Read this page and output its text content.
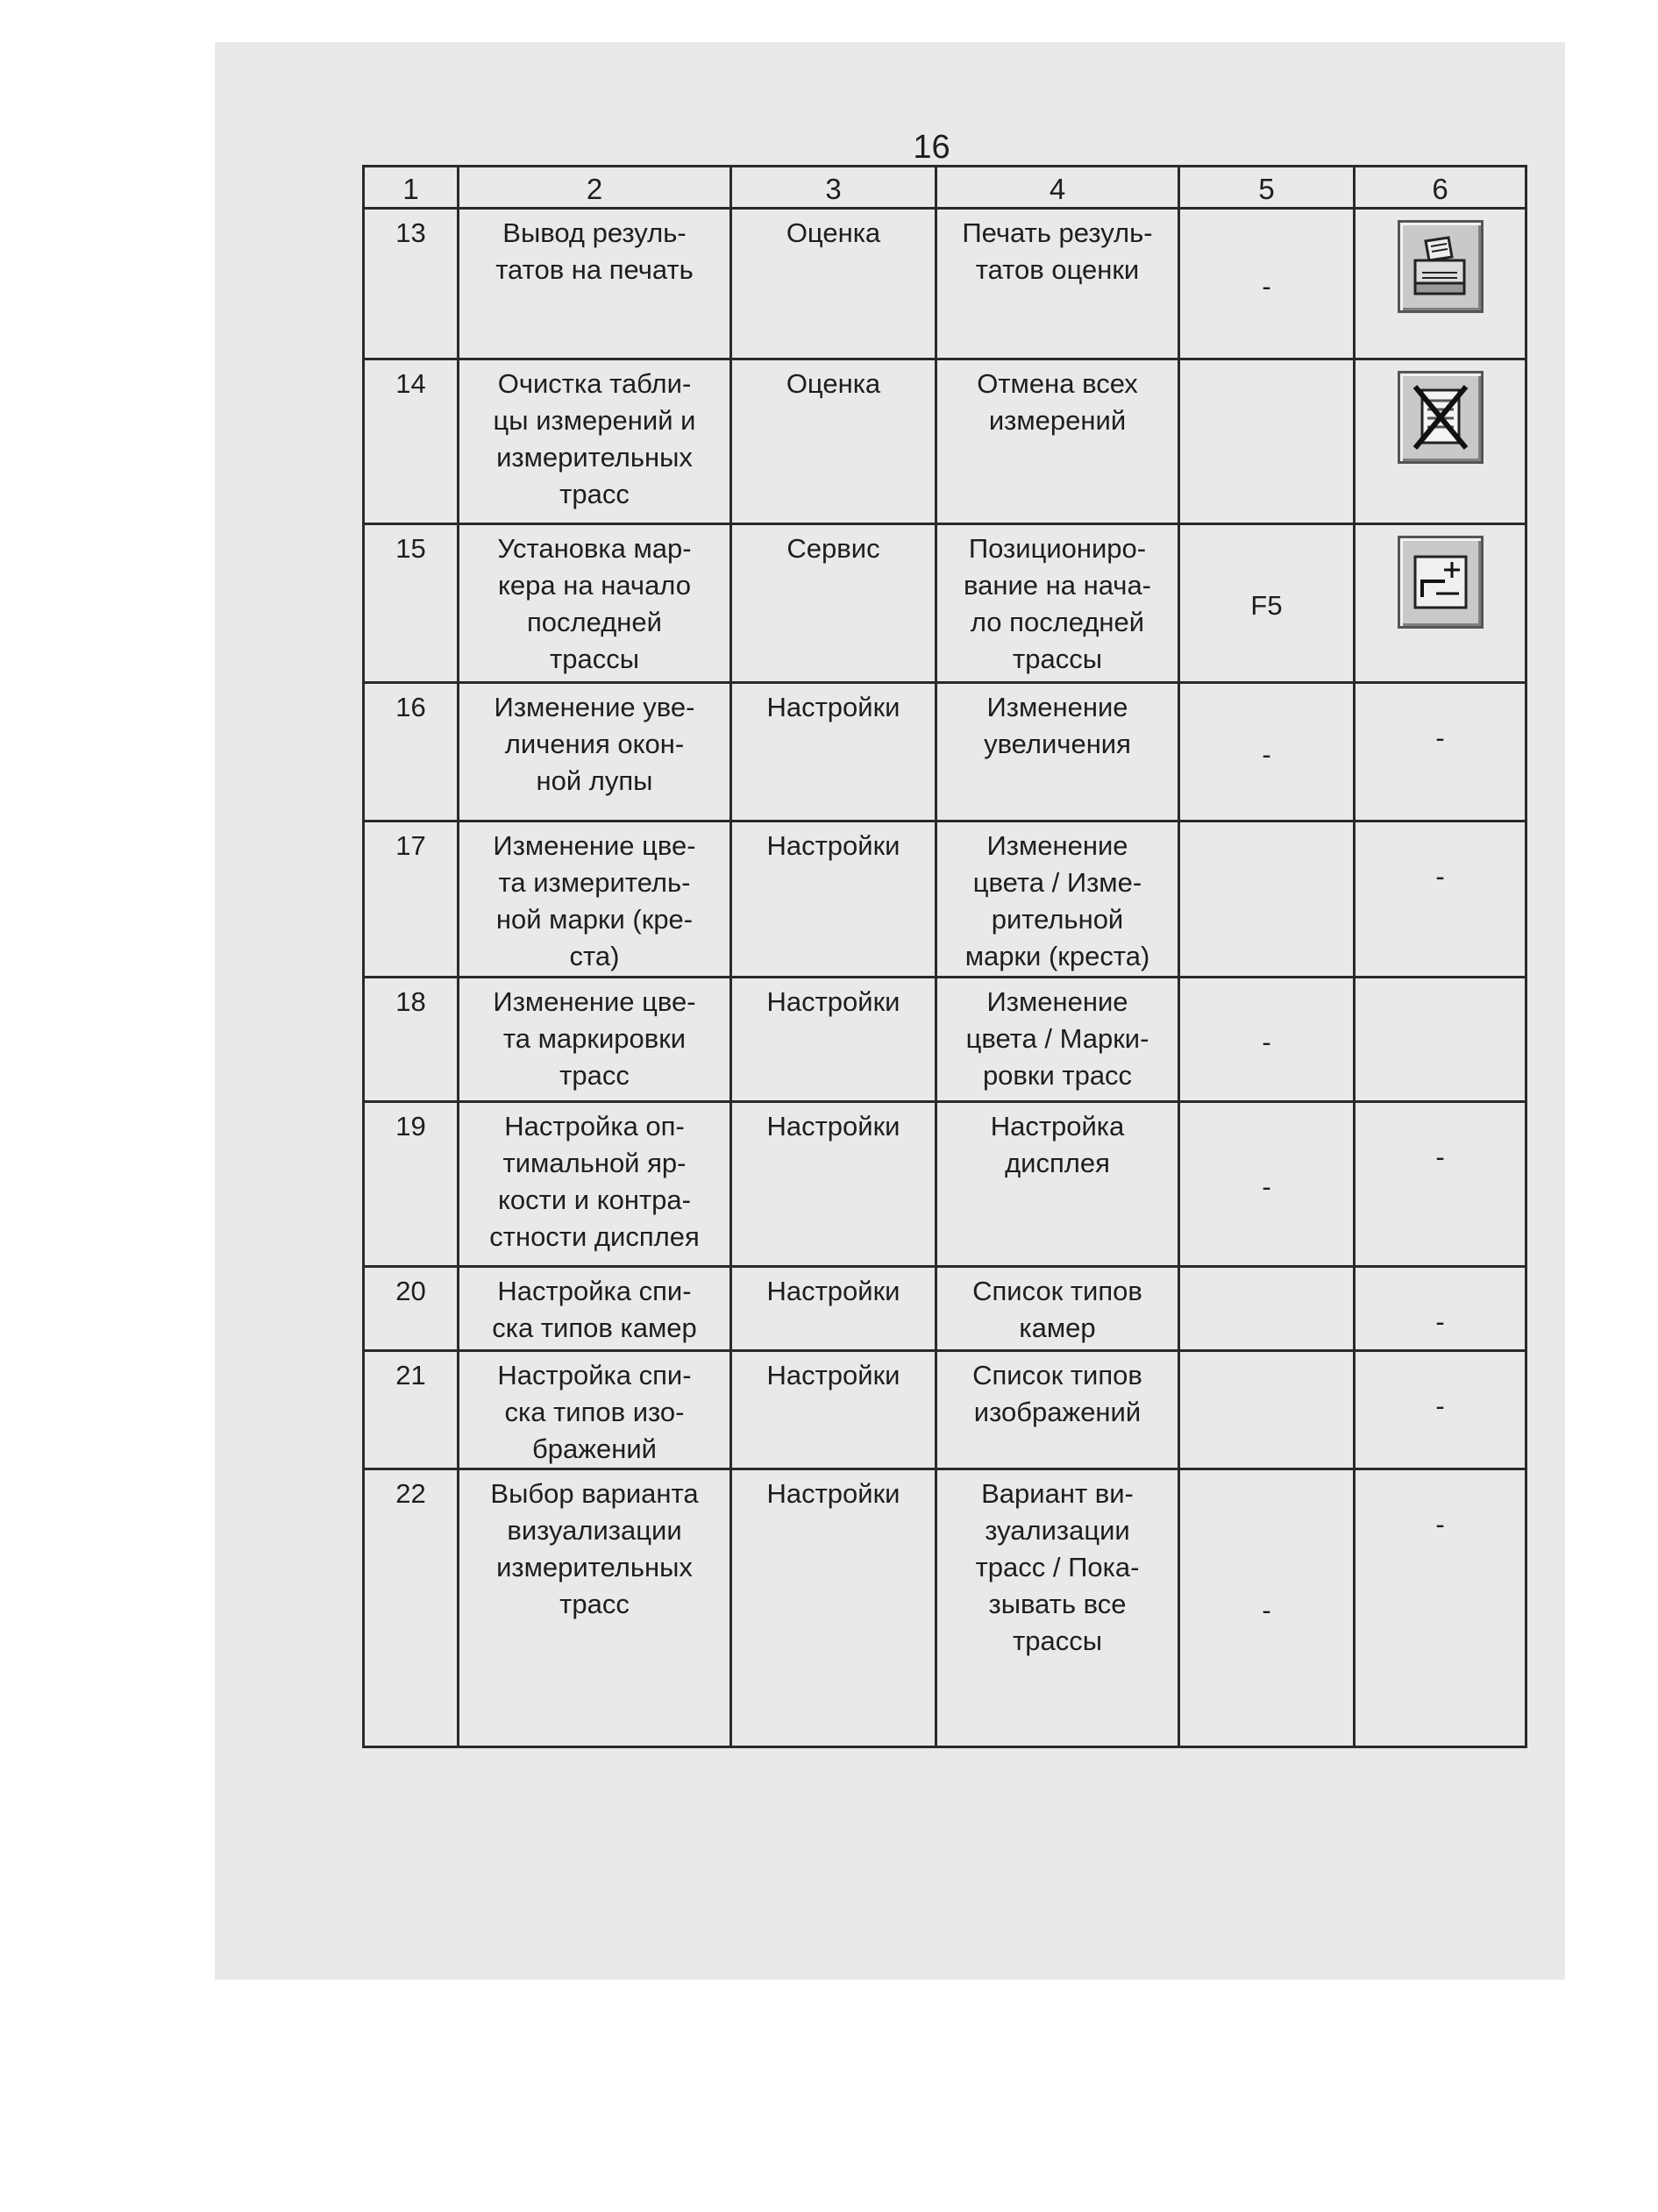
16
1	2	3	4	5	6
13	Вывод резуль-
татов на печать	Оценка	Печать резуль-
татов оценки	-	

14	Очистка табли-
цы измерений и
измерительных
трасс	Оценка	Отмена всех
измерений		

15	Установка мар-
кера на начало
последней
трассы	Сервис	Позициониро-
вание на нача-
ло последней
трассы	F5	

16	Изменение уве-
личения окон-
ной лупы	Настройки	Изменение
увеличения	-	-

17	Изменение цве-
та измеритель-
ной марки (кре-
ста)	Настройки	Изменение
цвета / Изме-
рительной
марки (креста)		-

18	Изменение цве-
та маркировки
трасс	Настройки	Изменение
цвета / Марки-
ровки трасс	-	

19	Настройка оп-
тимальной яр-
кости и контра-
стности дисплея	Настройки	Настройка
дисплея	-	-

20	Настройка спи-
ска типов камер	Настройки	Список типов
камер		-

21	Настройка спи-
ска типов изо-
бражений	Настройки	Список типов
изображений		-

22	Выбор варианта
визуализации
измерительных
трасс	Настройки	Вариант ви-
зуализации
трасс / Пока-
зывать все
трассы	-	-
